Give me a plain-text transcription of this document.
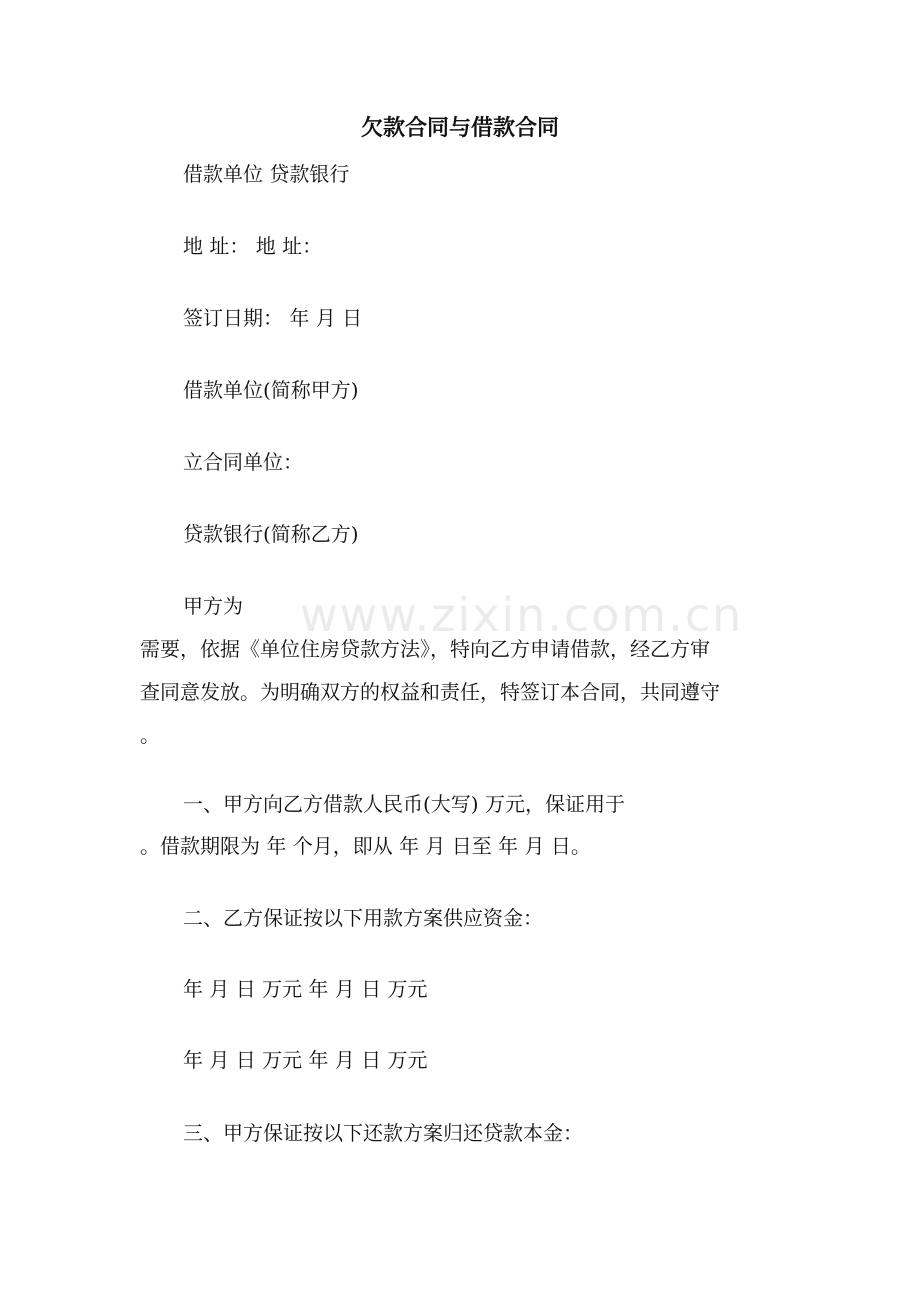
www.zixin.com.cn
欠款合同与借款合同
借款单位 贷款银行
地 址： 地 址：
签订日期： 年 月 日
借款单位(简称甲方)
立合同单位：
贷款银行(简称乙方)
甲方为
需要，依据《单位住房贷款方法》，特向乙方申请借款，经乙方审
查同意发放。为明确双方的权益和责任，特签订本合同，共同遵守
。
一、甲方向乙方借款人民币(大写) 万元，保证用于
。借款期限为 年 个月，即从 年 月 日至 年 月 日。
二、乙方保证按以下用款方案供应资金：
年 月 日 万元 年 月 日 万元
年 月 日 万元 年 月 日 万元
三、甲方保证按以下还款方案归还贷款本金：
